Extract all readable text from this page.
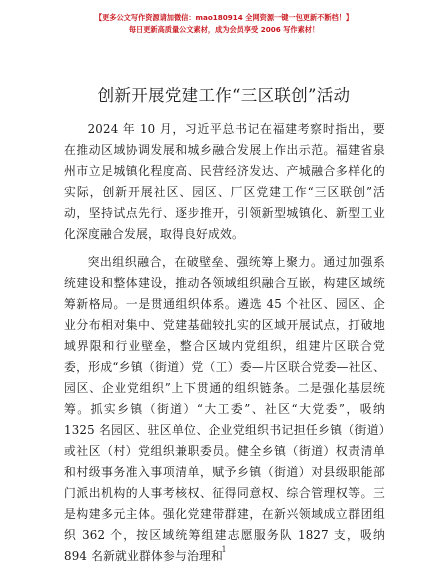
【更多公文写作资源请加微信：mao180914 全网资源一键一包更新不断档！】
每日更新高质量公文素材，成为会员享受 2006 写作素材！
创新开展党建工作“三区联创”活动

2024 年 10 月，习近平总书记在福建考察时指出，要在推动区域协调发展和城乡融合发展上作出示范。福建省泉州市立足城镇化程度高、民营经济发达、产城融合多样化的实际，创新开展社区、园区、厂区党建工作“三区联创”活动，坚持试点先行、逐步推开，引领新型城镇化、新型工业化深度融合发展，取得良好成效。

突出组织融合，在破壁垒、强统筹上聚力。通过加强系统建设和整体建设，推动各领域组织融合互嵌，构建区域统筹新格局。一是贯通组织体系。遴选 45 个社区、园区、企业分布相对集中、党建基础较扎实的区域开展试点，打破地域界限和行业壁垒，整合区域内党组织，组建片区联合党委，形成“乡镇（街道）党（工）委—片区联合党委—社区、园区、企业党组织”上下贯通的组织链条。二是强化基层统筹。抓实乡镇（街道）“大工委”、社区“大党委”，吸纳 1325 名园区、驻区单位、企业党组织书记担任乡镇（街道）或社区（村）党组织兼职委员。健全乡镇（街道）权责清单和村级事务准入事项清单，赋予乡镇（街道）对县级职能部门派出机构的人事考核权、征得同意权、综合管理权等。三是构建多元主体。强化党建带群建，在新兴领域成立群团组织 362 个，按区域统筹组建志愿服务队 1827 支，吸纳 894 名新就业群体参与治理和

1
